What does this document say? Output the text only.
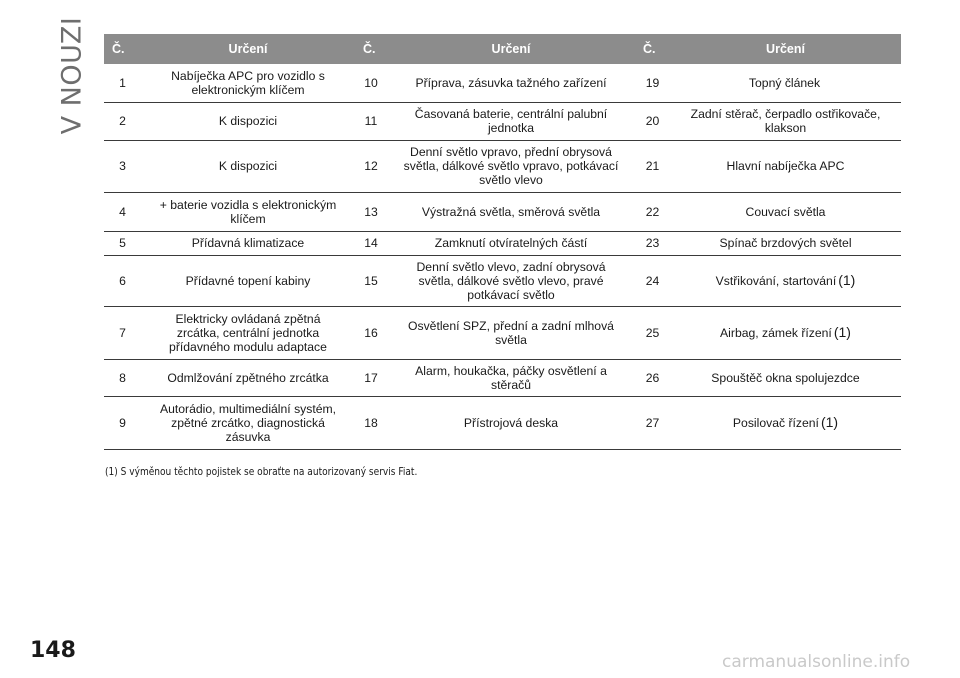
V NOUZI Č.	Určení	Č.	Určení	Č.	Určení
1	Nabíječka APC pro vozidlo s elektronickým klíčem	10	Příprava, zásuvka tažného zařízení	19	Topný článek
2	K dispozici	11	Časovaná baterie, centrální palubní jednotka	20	Zadní stěrač, čerpadlo ostřikovače, klakson
3	K dispozici	12	Denní světlo vpravo, přední obrysová světla, dálkové světlo vpravo, potkávací světlo vlevo	21	Hlavní nabíječka APC
4	+ baterie vozidla s elektronickým klíčem	13	Výstražná světla, směrová světla	22	Couvací světla
5	Přídavná klimatizace	14	Zamknutí otvíratelných částí	23	Spínač brzdových světel
6	Přídavné topení kabiny	15	Denní světlo vlevo, zadní obrysová světla, dálkové světlo vlevo, pravé potkávací světlo	24	Vstřikování, startování (1)
7	Elektricky ovládaná zpětná zrcátka, centrální jednotka přídavného modulu adaptace	16	Osvětlení SPZ, přední a zadní mlhová světla	25	Airbag, zámek řízení (1)
8	Odmlžování zpětného zrcátka	17	Alarm, houkačka, páčky osvětlení a stěračů	26	Spouštěč okna spolujezdce
9	Autorádio, multimediální systém, zpětné zrcátko, diagnostická zásuvka	18	Přístrojová deska	27	Posilovač řízení (1)
(1) S výměnou těchto pojistek se obraťte na autorizovaný servis Fiat.
148	carmanualsonline.info
